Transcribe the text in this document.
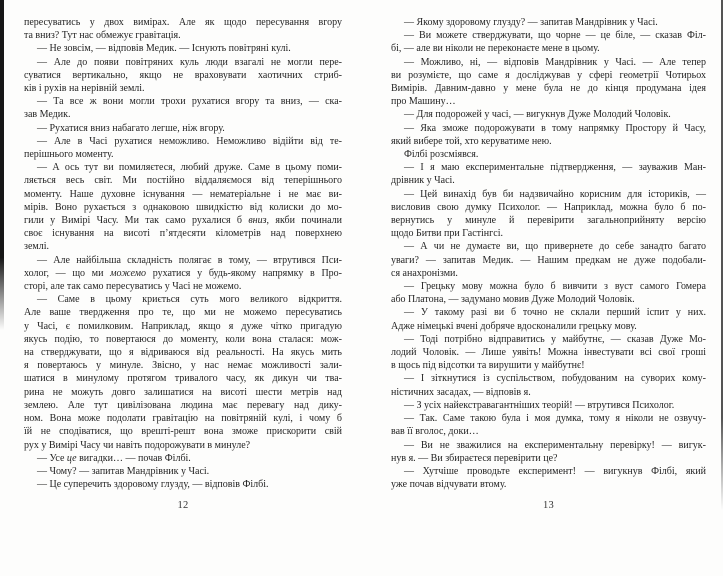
пересуватись у двох вимірах. Але як щодо пересування вгору
та вниз? Тут нас обмежує гравітація.
— Не зовсім, — відповів Медик. — Існують повітряні кулі.
— Але до появи повітряних куль люди взагалі не могли пере-
суватися вертикально, якщо не враховувати хаотичних стриб-
ків і рухів на нерівній землі.
— Та все ж вони могли трохи рухатися вгору та вниз, — ска-
зав Медик.
— Рухатися вниз набагато легше, ніж вгору.
— Але в Часі рухатися неможливо. Неможливо відійти від те-
перішнього моменту.
— А ось тут ви помиляєтеся, любий друже. Саме в цьому поми-
ляється весь світ. Ми постійно віддаляємося від теперішнього
моменту. Наше духовне існування — нематеріальне і не має ви-
мірів. Воно рухається з однаковою швидкістю від колиски до мо-
гили у Вимірі Часу. Ми так само рухалися б вниз, якби починали
своє існування на висоті п’ятдесяти кілометрів над поверхнею
землі.
— Але найбільша складність полягає в тому, — втрутився Пси-
холог, — що ми можемо рухатися у будь-якому напрямку в Про-
сторі, але так само пересуватись у Часі не можемо.
— Саме в цьому криється суть мого великого відкриття.
Але ваше твердження про те, що ми не можемо пересуватись
у Часі, є помилковим. Наприклад, якщо я дуже чітко пригадую
якусь подію, то повертаюся до моменту, коли вона сталася: мож-
на стверджувати, що я відриваюся від реальності. На якусь мить
я повертаюсь у минуле. Звісно, у нас немає можливості зали-
шатися в минулому протягом тривалого часу, як дикун чи тва-
рина не можуть довго залишатися на висоті шести метрів над
землею. Але тут цивілізована людина має перевагу над дику-
ном. Вона може подолати гравітацію на повітряній кулі, і чому б
їй не сподіватися, що врешті-решт вона зможе прискорити свій
рух у Вимірі Часу чи навіть подорожувати в минуле?
— Усе це вигадки… — почав Філбі.
— Чому? — запитав Мандрівник у Часі.
— Це суперечить здоровому глузду, — відповів Філбі.
12
— Якому здоровому глузду? — запитав Мандрівник у Часі.
— Ви можете стверджувати, що чорне — це біле, — сказав Філ-
бі, — але ви ніколи не переконаєте мене в цьому.
— Можливо, ні, — відповів Мандрівник у Часі. — Але тепер
ви розумієте, що саме я досліджував у сфері геометрії Чотирьох
Вимірів. Давним-давно у мене була не до кінця продумана ідея
про Машину…
— Для подорожей у часі, — вигукнув Дуже Молодий Чоловік.
— Яка зможе подорожувати в тому напрямку Простору й Часу,
який вибере той, хто керуватиме нею.
Філбі розсміявся.
— І я маю експериментальне підтвердження, — зауважив Ман-
дрівник у Часі.
— Цей винахід був би надзвичайно корисним для істориків, —
висловив свою думку Психолог. — Наприклад, можна було б по-
вернутись у минуле й перевірити загальноприйняту версію
щодо Битви при Гастінгсі.
— А чи не думаєте ви, що привернете до себе занадто багато
уваги? — запитав Медик. — Нашим предкам не дуже подобали-
ся анахронізми.
— Грецьку мову можна було б вивчити з вуст самого Гомера
або Платона, — задумано мовив Дуже Молодий Чоловік.
— У такому разі ви б точно не склали перший іспит у них.
Адже німецькі вчені добряче вдосконалили грецьку мову.
— Тоді потрібно відправитись у майбутнє, — сказав Дуже Мо-
лодий Чоловік. — Лише уявіть! Можна інвестувати всі свої гроші
в щось під відсотки та вирушити у майбутнє!
— І зіткнутися із суспільством, побудованим на суворих кому-
ністичних засадах, — відповів я.
— З усіх найекстравагантніших теорій! — втрутився Психолог.
— Так. Саме такою була і моя думка, тому я ніколи не озвучу-
вав її вголос, доки…
— Ви не зважилися на експериментальну перевірку! — вигук-
нув я. — Ви збираєтеся перевірити це?
— Хутчіше проводьте експеримент! — вигукнув Філбі, який
уже почав відчувати втому.
13
